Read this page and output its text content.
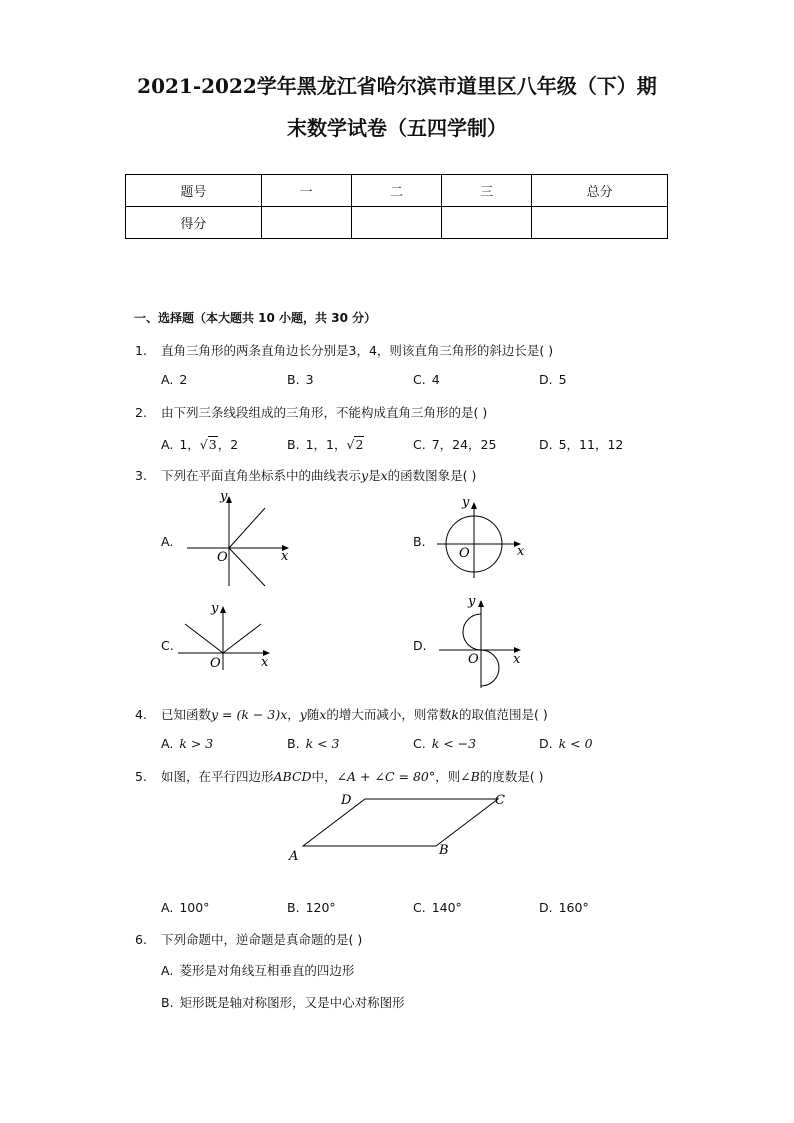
2021-2022学年黑龙江省哈尔滨市道里区八年级（下）期
末数学试卷（五四学制）
题号	一	二	三	总分
得分				
一、选择题（本大题共 10 小题，共 30 分）
1. 直角三角形的两条直角边长分别是3，4，则该直角三角形的斜边长是( )
A. 2	B. 3	C. 4	D. 5
2. 由下列三条线段组成的三角形，不能构成直角三角形的是( )
A. 1，√3，2	B. 1，1，√2	C. 7，24，25	D. 5，11，12
3. 下列在平面直角坐标系中的曲线表示y是x的函数图象是( )
A.
x
y
O
B.
x
y
O
C.
x
y
O
D.
x
y
O
4. 已知函数y = (k − 3)x，y随x的增大而减小，则常数k的取值范围是( )
A. k > 3	B. k < 3	C. k < −3	D. k < 0
5. 如图，在平行四边形ABCD中，∠A + ∠C = 80°，则∠B的度数是( )
A	B
C
D
A. 100°	B. 120°	C. 140°	D. 160°
6. 下列命题中，逆命题是真命题的是( )
A. 菱形是对角线互相垂直的四边形
B. 矩形既是轴对称图形，又是中心对称图形
